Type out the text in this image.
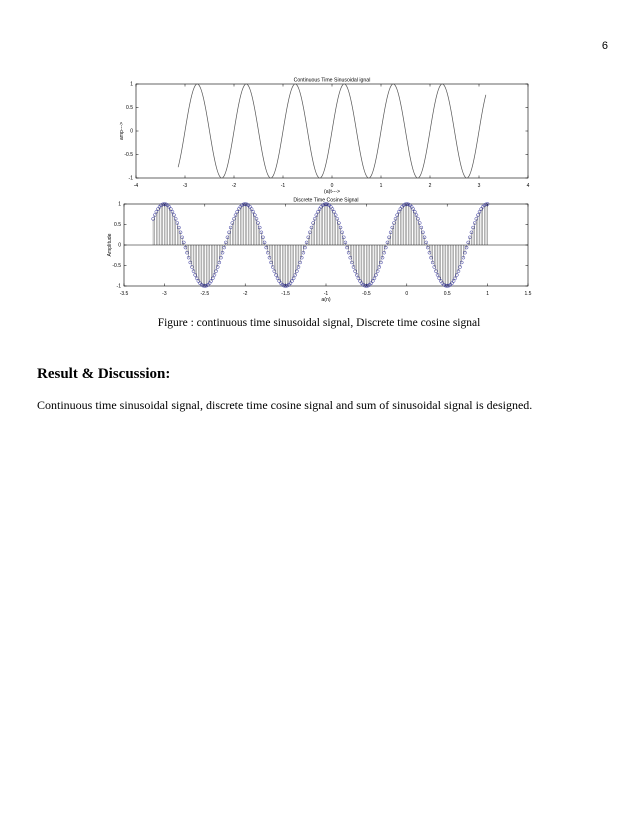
6
Continuous Time Sinusoidal ignal
-4	-3	-2	-1	0	1	2	3	4
1
0.5
0
-0.5
-1
(a)t--->
amp--->
Discrete Time Cosine Signal
-3.5	-3	-2.5	-2	-1.5	-1	-0.5	0	0.5	1	1.5
1
0.5
0
-0.5
-1
a(n)
Amplitude
Figure : continuous time sinusoidal signal, Discrete time cosine signal
Result & Discussion:
Continuous time sinusoidal signal, discrete time cosine signal and sum of sinusoidal signal is designed.
